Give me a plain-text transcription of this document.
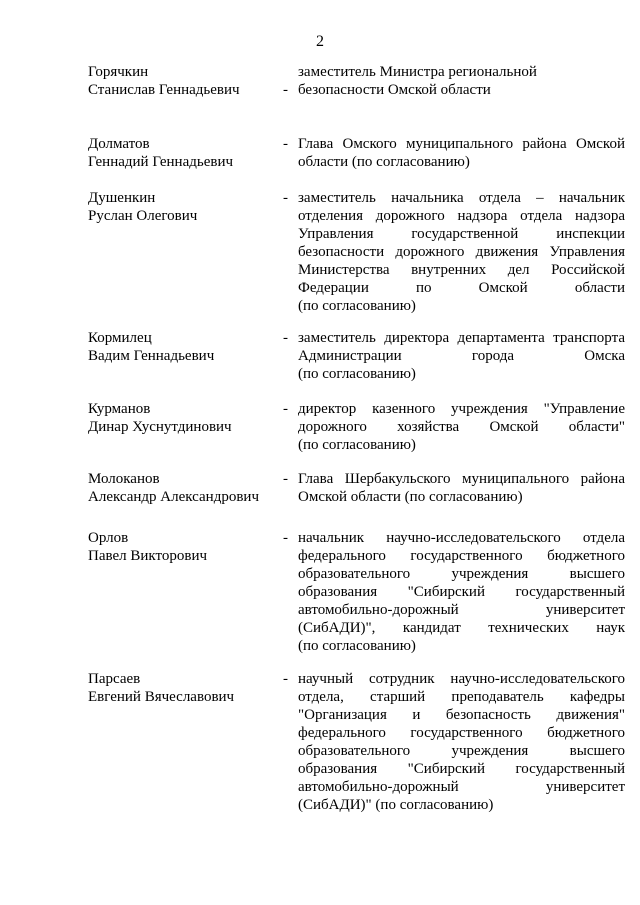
2
Горячкин
Станислав Геннадьевич	-
заместитель Министра региональной
безопасности Омской области
Долматов
Геннадий Геннадьевич
- Глава Омского муниципального района Омской
области (по согласованию)
Душенкин
Руслан Олегович
- заместитель начальника отдела – начальник
отделения дорожного надзора отдела надзора
Управления государственной инспекции
безопасности дорожного движения Управления
Министерства внутренних дел Российской
Федерации по Омской области
(по согласованию)
Кормилец
Вадим Геннадьевич
- заместитель директора департамента транспорта
Администрации города Омска
(по согласованию)
Курманов
Динар Хуснутдинович
- директор казенного учреждения "Управление
дорожного хозяйства Омской области"
(по согласованию)
Молоканов
Александр Александрович
- Глава Шербакульского муниципального района
Омской области (по согласованию)
Орлов
Павел Викторович
- начальник научно-исследовательского отдела
федерального государственного бюджетного
образовательного учреждения высшего
образования "Сибирский государственный
автомобильно-дорожный университет
(СибАДИ)", кандидат технических наук
(по согласованию)
Парсаев
Евгений Вячеславович
- научный сотрудник научно-исследовательского
отдела, старший преподаватель кафедры
"Организация и безопасность движения"
федерального государственного бюджетного
образовательного учреждения высшего
образования "Сибирский государственный
автомобильно-дорожный университет
(СибАДИ)" (по согласованию)
